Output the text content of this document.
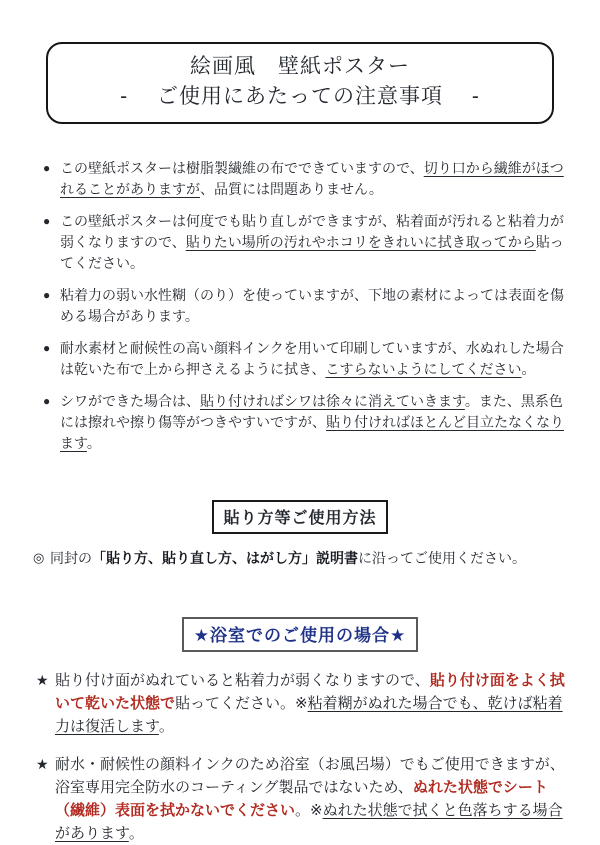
絵画風　壁紙ポスター
-　 ご使用にあたっての注意事項 　-
● この壁紙ポスターは樹脂製繊維の布でできていますので、切り口から繊維がほつれることがありますが、品質には問題ありません。
● この壁紙ポスターは何度でも貼り直しができますが、粘着面が汚れると粘着力が弱くなりますので、貼りたい場所の汚れやホコリをきれいに拭き取ってから貼ってください。
● 粘着力の弱い水性糊（のり）を使っていますが、下地の素材によっては表面を傷める場合があります。
● 耐水素材と耐候性の高い顔料インクを用いて印刷していますが、水ぬれした場合は乾いた布で上から押さえるように拭き、こすらないようにしてください。
● シワができた場合は、貼り付ければシワは徐々に消えていきます。また、黒系色には擦れや擦り傷等がつきやすいですが、貼り付ければほとんど目立たなくなります。
貼り方等ご使用方法
◎ 同封の「貼り方、貼り直し方、はがし方」説明書に沿ってご使用ください。
★浴室でのご使用の場合★
★ 貼り付け面がぬれていると粘着力が弱くなりますので、貼り付け面をよく拭いて乾いた状態で貼ってください。※粘着糊がぬれた場合でも、乾けば粘着力は復活します。
★ 耐水・耐候性の顔料インクのため浴室（お風呂場）でもご使用できますが、浴室専用完全防水のコーティング製品ではないため、ぬれた状態でシート（繊維）表面を拭かないでください。※ぬれた状態で拭くと色落ちする場合があります。
